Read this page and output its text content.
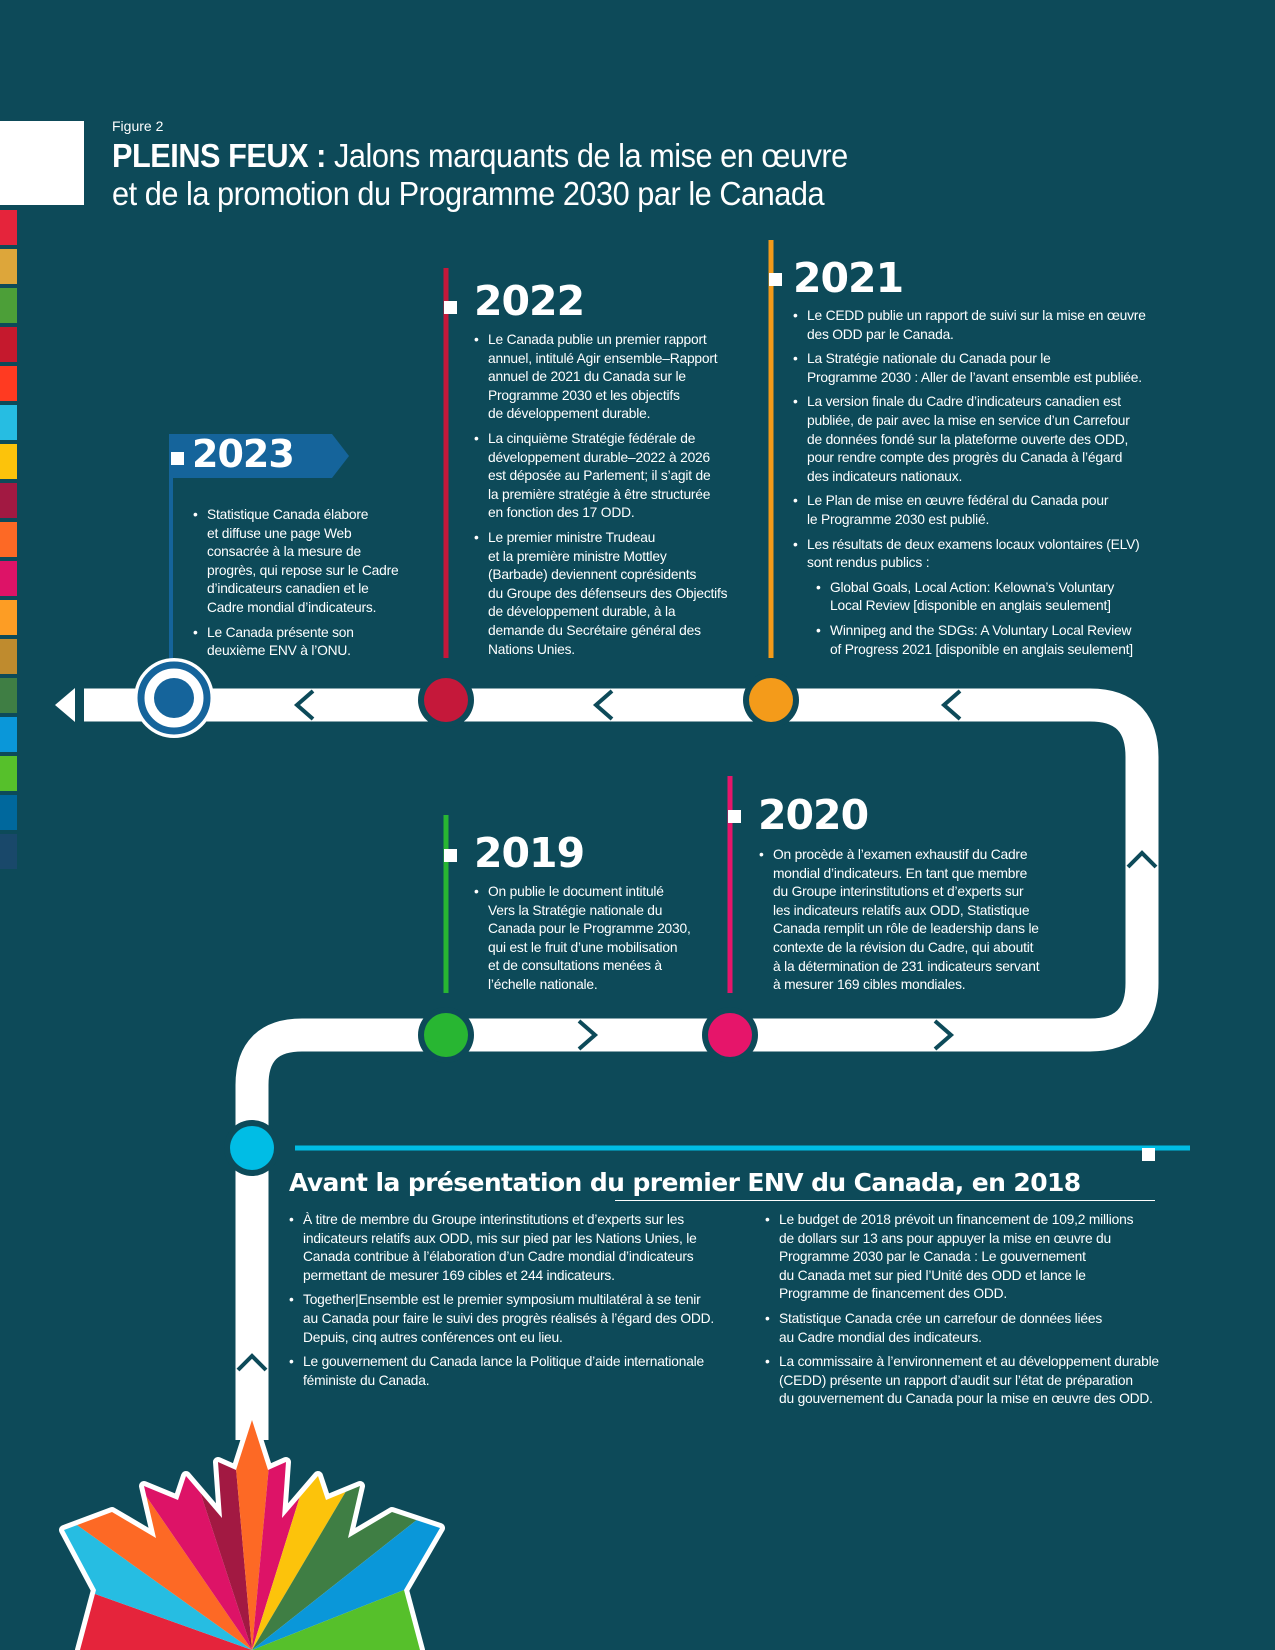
Figure 2
PLEINS FEUX : Jalons marquants de la mise en œuvre
et de la promotion du Programme 2030 par le Canada
2023
• Statistique Canada élabore
et diffuse une page Web
consacrée à la mesure de
progrès, qui repose sur le Cadre
d’indicateurs canadien et le
Cadre mondial d’indicateurs.
• Le Canada présente son
deuxième ENV à l’ONU.
2022
• Le Canada publie un premier rapport
annuel, intitulé Agir ensemble–Rapport
annuel de 2021 du Canada sur le
Programme 2030 et les objectifs
de développement durable.
• La cinquième Stratégie fédérale de
développement durable–2022 à 2026
est déposée au Parlement; il s’agit de
la première stratégie à être structurée
en fonction des 17 ODD.
• Le premier ministre Trudeau
et la première ministre Mottley
(Barbade) deviennent coprésidents
du Groupe des défenseurs des Objectifs
de développement durable, à la
demande du Secrétaire général des
Nations Unies.
2021
• Le CEDD publie un rapport de suivi sur la mise en œuvre
des ODD par le Canada.
• La Stratégie nationale du Canada pour le
Programme 2030 : Aller de l’avant ensemble est publiée.
• La version finale du Cadre d’indicateurs canadien est
publiée, de pair avec la mise en service d’un Carrefour
de données fondé sur la plateforme ouverte des ODD,
pour rendre compte des progrès du Canada à l’égard
des indicateurs nationaux.
• Le Plan de mise en œuvre fédéral du Canada pour
le Programme 2030 est publié.
• Les résultats de deux examens locaux volontaires (ELV)
sont rendus publics :
• Global Goals, Local Action: Kelowna’s Voluntary
Local Review [disponible en anglais seulement]
• Winnipeg and the SDGs: A Voluntary Local Review
of Progress 2021 [disponible en anglais seulement]
2020
• On procède à l’examen exhaustif du Cadre
mondial d’indicateurs. En tant que membre
du Groupe interinstitutions et d’experts sur
les indicateurs relatifs aux ODD, Statistique
Canada remplit un rôle de leadership dans le
contexte de la révision du Cadre, qui aboutit
à la détermination de 231 indicateurs servant
à mesurer 169 cibles mondiales.
2019
• On publie le document intitulé
Vers la Stratégie nationale du
Canada pour le Programme 2030,
qui est le fruit d’une mobilisation
et de consultations menées à
l’échelle nationale.
Avant la présentation du premier ENV du Canada, en 2018
• À titre de membre du Groupe interinstitutions et d’experts sur les
indicateurs relatifs aux ODD, mis sur pied par les Nations Unies, le
Canada contribue à l’élaboration d’un Cadre mondial d’indicateurs
permettant de mesurer 169 cibles et 244 indicateurs.
• Together|Ensemble est le premier symposium multilatéral à se tenir
au Canada pour faire le suivi des progrès réalisés à l’égard des ODD.
Depuis, cinq autres conférences ont eu lieu.
• Le gouvernement du Canada lance la Politique d’aide internationale
féministe du Canada.
• Le budget de 2018 prévoit un financement de 109,2 millions
de dollars sur 13 ans pour appuyer la mise en œuvre du
Programme 2030 par le Canada : Le gouvernement
du Canada met sur pied l’Unité des ODD et lance le
Programme de financement des ODD.
• Statistique Canada crée un carrefour de données liées
au Cadre mondial des indicateurs.
• La commissaire à l’environnement et au développement durable
(CEDD) présente un rapport d’audit sur l’état de préparation
du gouvernement du Canada pour la mise en œuvre des ODD.
